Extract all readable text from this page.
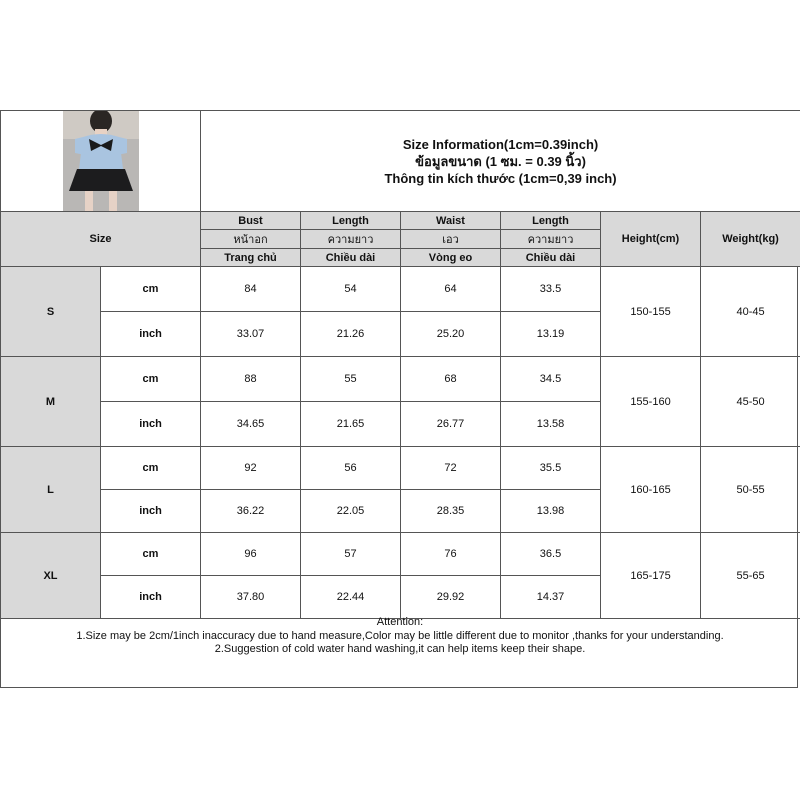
Size Information(1cm=0.39inch)
ข้อมูลขนาด (1 ซม. = 0.39 นิ้ว)
Thông tin kích thước (1cm=0,39 inch)					

Size		Bust	Length	Waist	Length	Height(cm)	Weight(kg)
		หน้าอก	ความยาว	เอว	ความยาว		
		Trang chủ	Chiều dài	Vòng eo	Chiều dài		
S	cm	84	54	64	33.5	150-155	40-45
	inch	33.07	21.26	25.20	13.19		
M	cm	88	55	68	34.5	155-160	45-50
	inch	34.65	21.65	26.77	13.58		
L	cm	92	56	72	35.5	160-165	50-55
	inch	36.22	22.05	28.35	13.98		
XL	cm	96	57	76	36.5	165-175	55-65
	inch	37.80	22.44	29.92	14.37		
Attention:
1.Size may be 2cm/1inch inaccuracy due to hand measure,Color may be little different due to monitor ,thanks for your understanding.
2.Suggestion of cold water hand washing,it can help items keep their shape.
